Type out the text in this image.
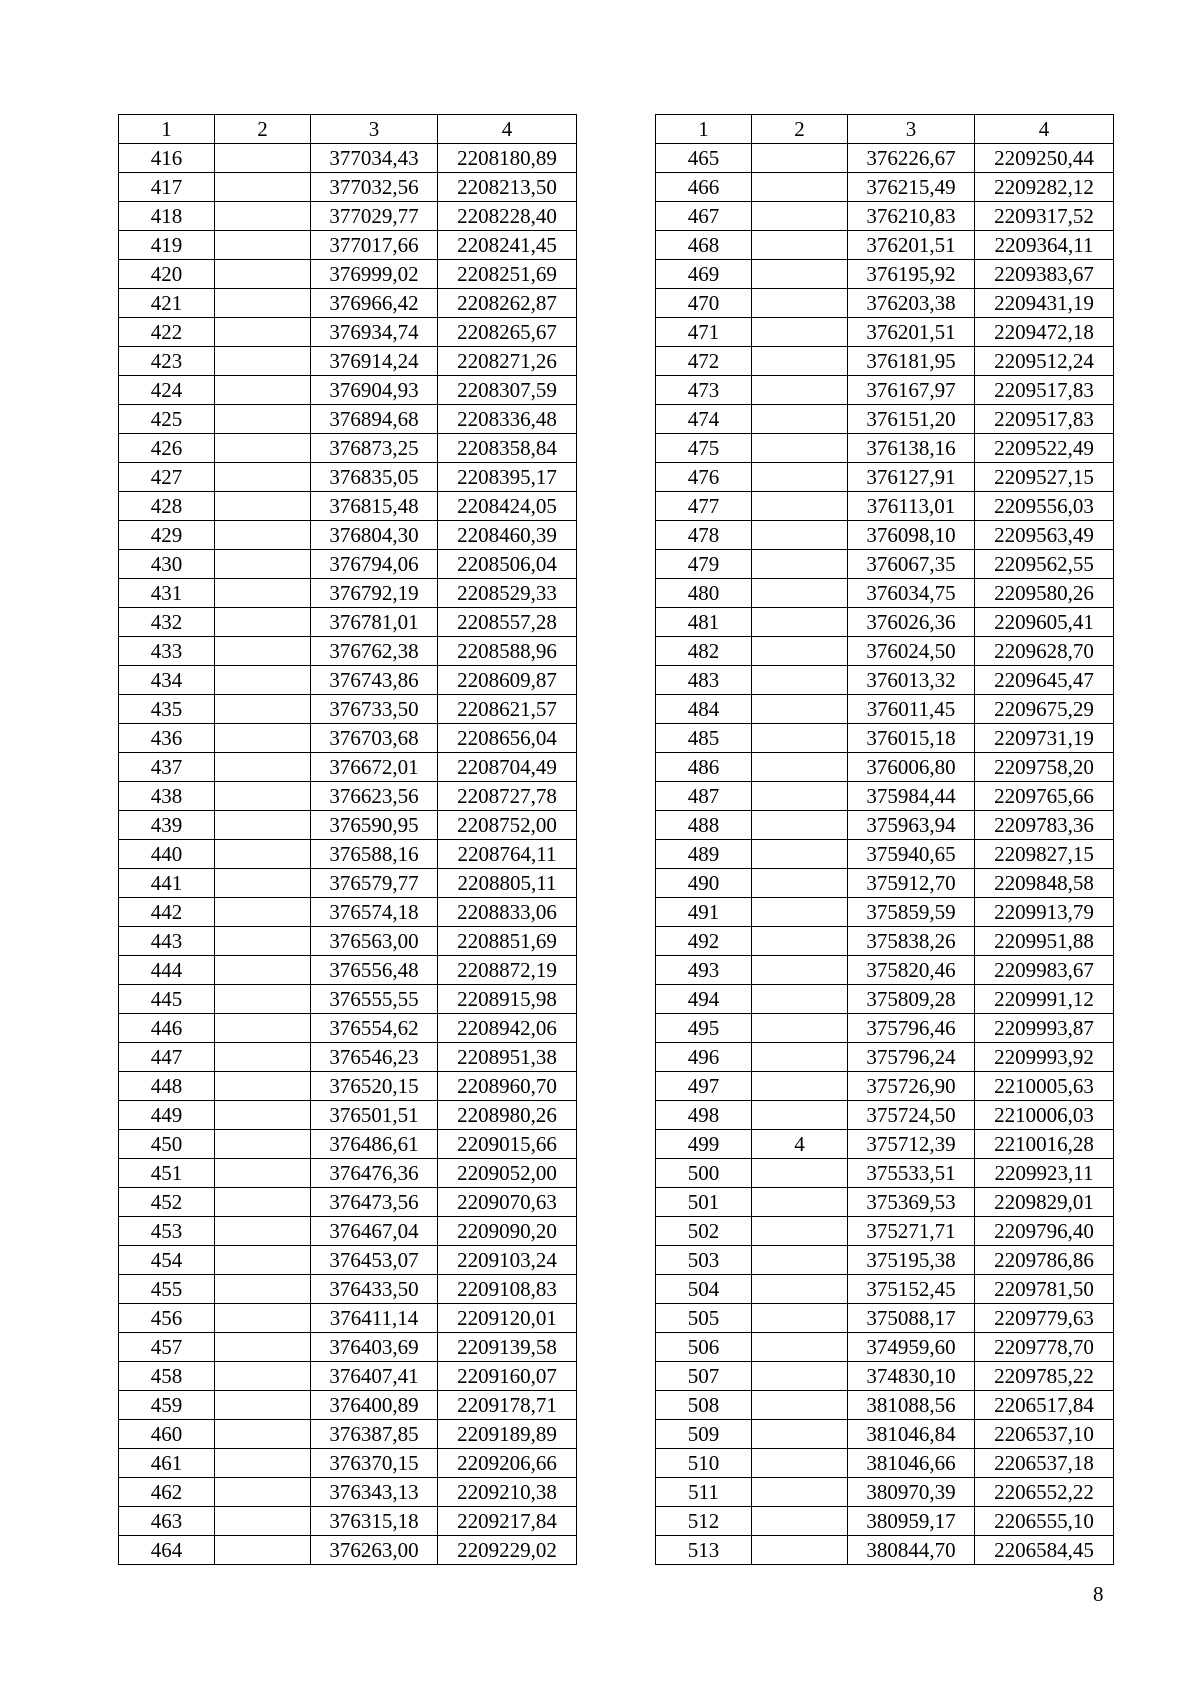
1	2	3	4
416		377034,43	2208180,89
417		377032,56	2208213,50
418		377029,77	2208228,40
419		377017,66	2208241,45
420		376999,02	2208251,69
421		376966,42	2208262,87
422		376934,74	2208265,67
423		376914,24	2208271,26
424		376904,93	2208307,59
425		376894,68	2208336,48
426		376873,25	2208358,84
427		376835,05	2208395,17
428		376815,48	2208424,05
429		376804,30	2208460,39
430		376794,06	2208506,04
431		376792,19	2208529,33
432		376781,01	2208557,28
433		376762,38	2208588,96
434		376743,86	2208609,87
435		376733,50	2208621,57
436		376703,68	2208656,04
437		376672,01	2208704,49
438		376623,56	2208727,78
439		376590,95	2208752,00
440		376588,16	2208764,11
441		376579,77	2208805,11
442		376574,18	2208833,06
443		376563,00	2208851,69
444		376556,48	2208872,19
445		376555,55	2208915,98
446		376554,62	2208942,06
447		376546,23	2208951,38
448		376520,15	2208960,70
449		376501,51	2208980,26
450		376486,61	2209015,66
451		376476,36	2209052,00
452		376473,56	2209070,63
453		376467,04	2209090,20
454		376453,07	2209103,24
455		376433,50	2209108,83
456		376411,14	2209120,01
457		376403,69	2209139,58
458		376407,41	2209160,07
459		376400,89	2209178,71
460		376387,85	2209189,89
461		376370,15	2209206,66
462		376343,13	2209210,38
463		376315,18	2209217,84
464		376263,00	2209229,02
1	2	3	4
465		376226,67	2209250,44
466		376215,49	2209282,12
467		376210,83	2209317,52
468		376201,51	2209364,11
469		376195,92	2209383,67
470		376203,38	2209431,19
471		376201,51	2209472,18
472		376181,95	2209512,24
473		376167,97	2209517,83
474		376151,20	2209517,83
475		376138,16	2209522,49
476		376127,91	2209527,15
477		376113,01	2209556,03
478		376098,10	2209563,49
479		376067,35	2209562,55
480		376034,75	2209580,26
481		376026,36	2209605,41
482		376024,50	2209628,70
483		376013,32	2209645,47
484		376011,45	2209675,29
485		376015,18	2209731,19
486		376006,80	2209758,20
487		375984,44	2209765,66
488		375963,94	2209783,36
489		375940,65	2209827,15
490		375912,70	2209848,58
491		375859,59	2209913,79
492		375838,26	2209951,88
493		375820,46	2209983,67
494		375809,28	2209991,12
495		375796,46	2209993,87
496		375796,24	2209993,92
497		375726,90	2210005,63
498		375724,50	2210006,03
499	4	375712,39	2210016,28
500		375533,51	2209923,11
501		375369,53	2209829,01
502		375271,71	2209796,40
503		375195,38	2209786,86
504		375152,45	2209781,50
505		375088,17	2209779,63
506		374959,60	2209778,70
507		374830,10	2209785,22
508		381088,56	2206517,84
509		381046,84	2206537,10
510		381046,66	2206537,18
511		380970,39	2206552,22
512		380959,17	2206555,10
513		380844,70	2206584,45
8
